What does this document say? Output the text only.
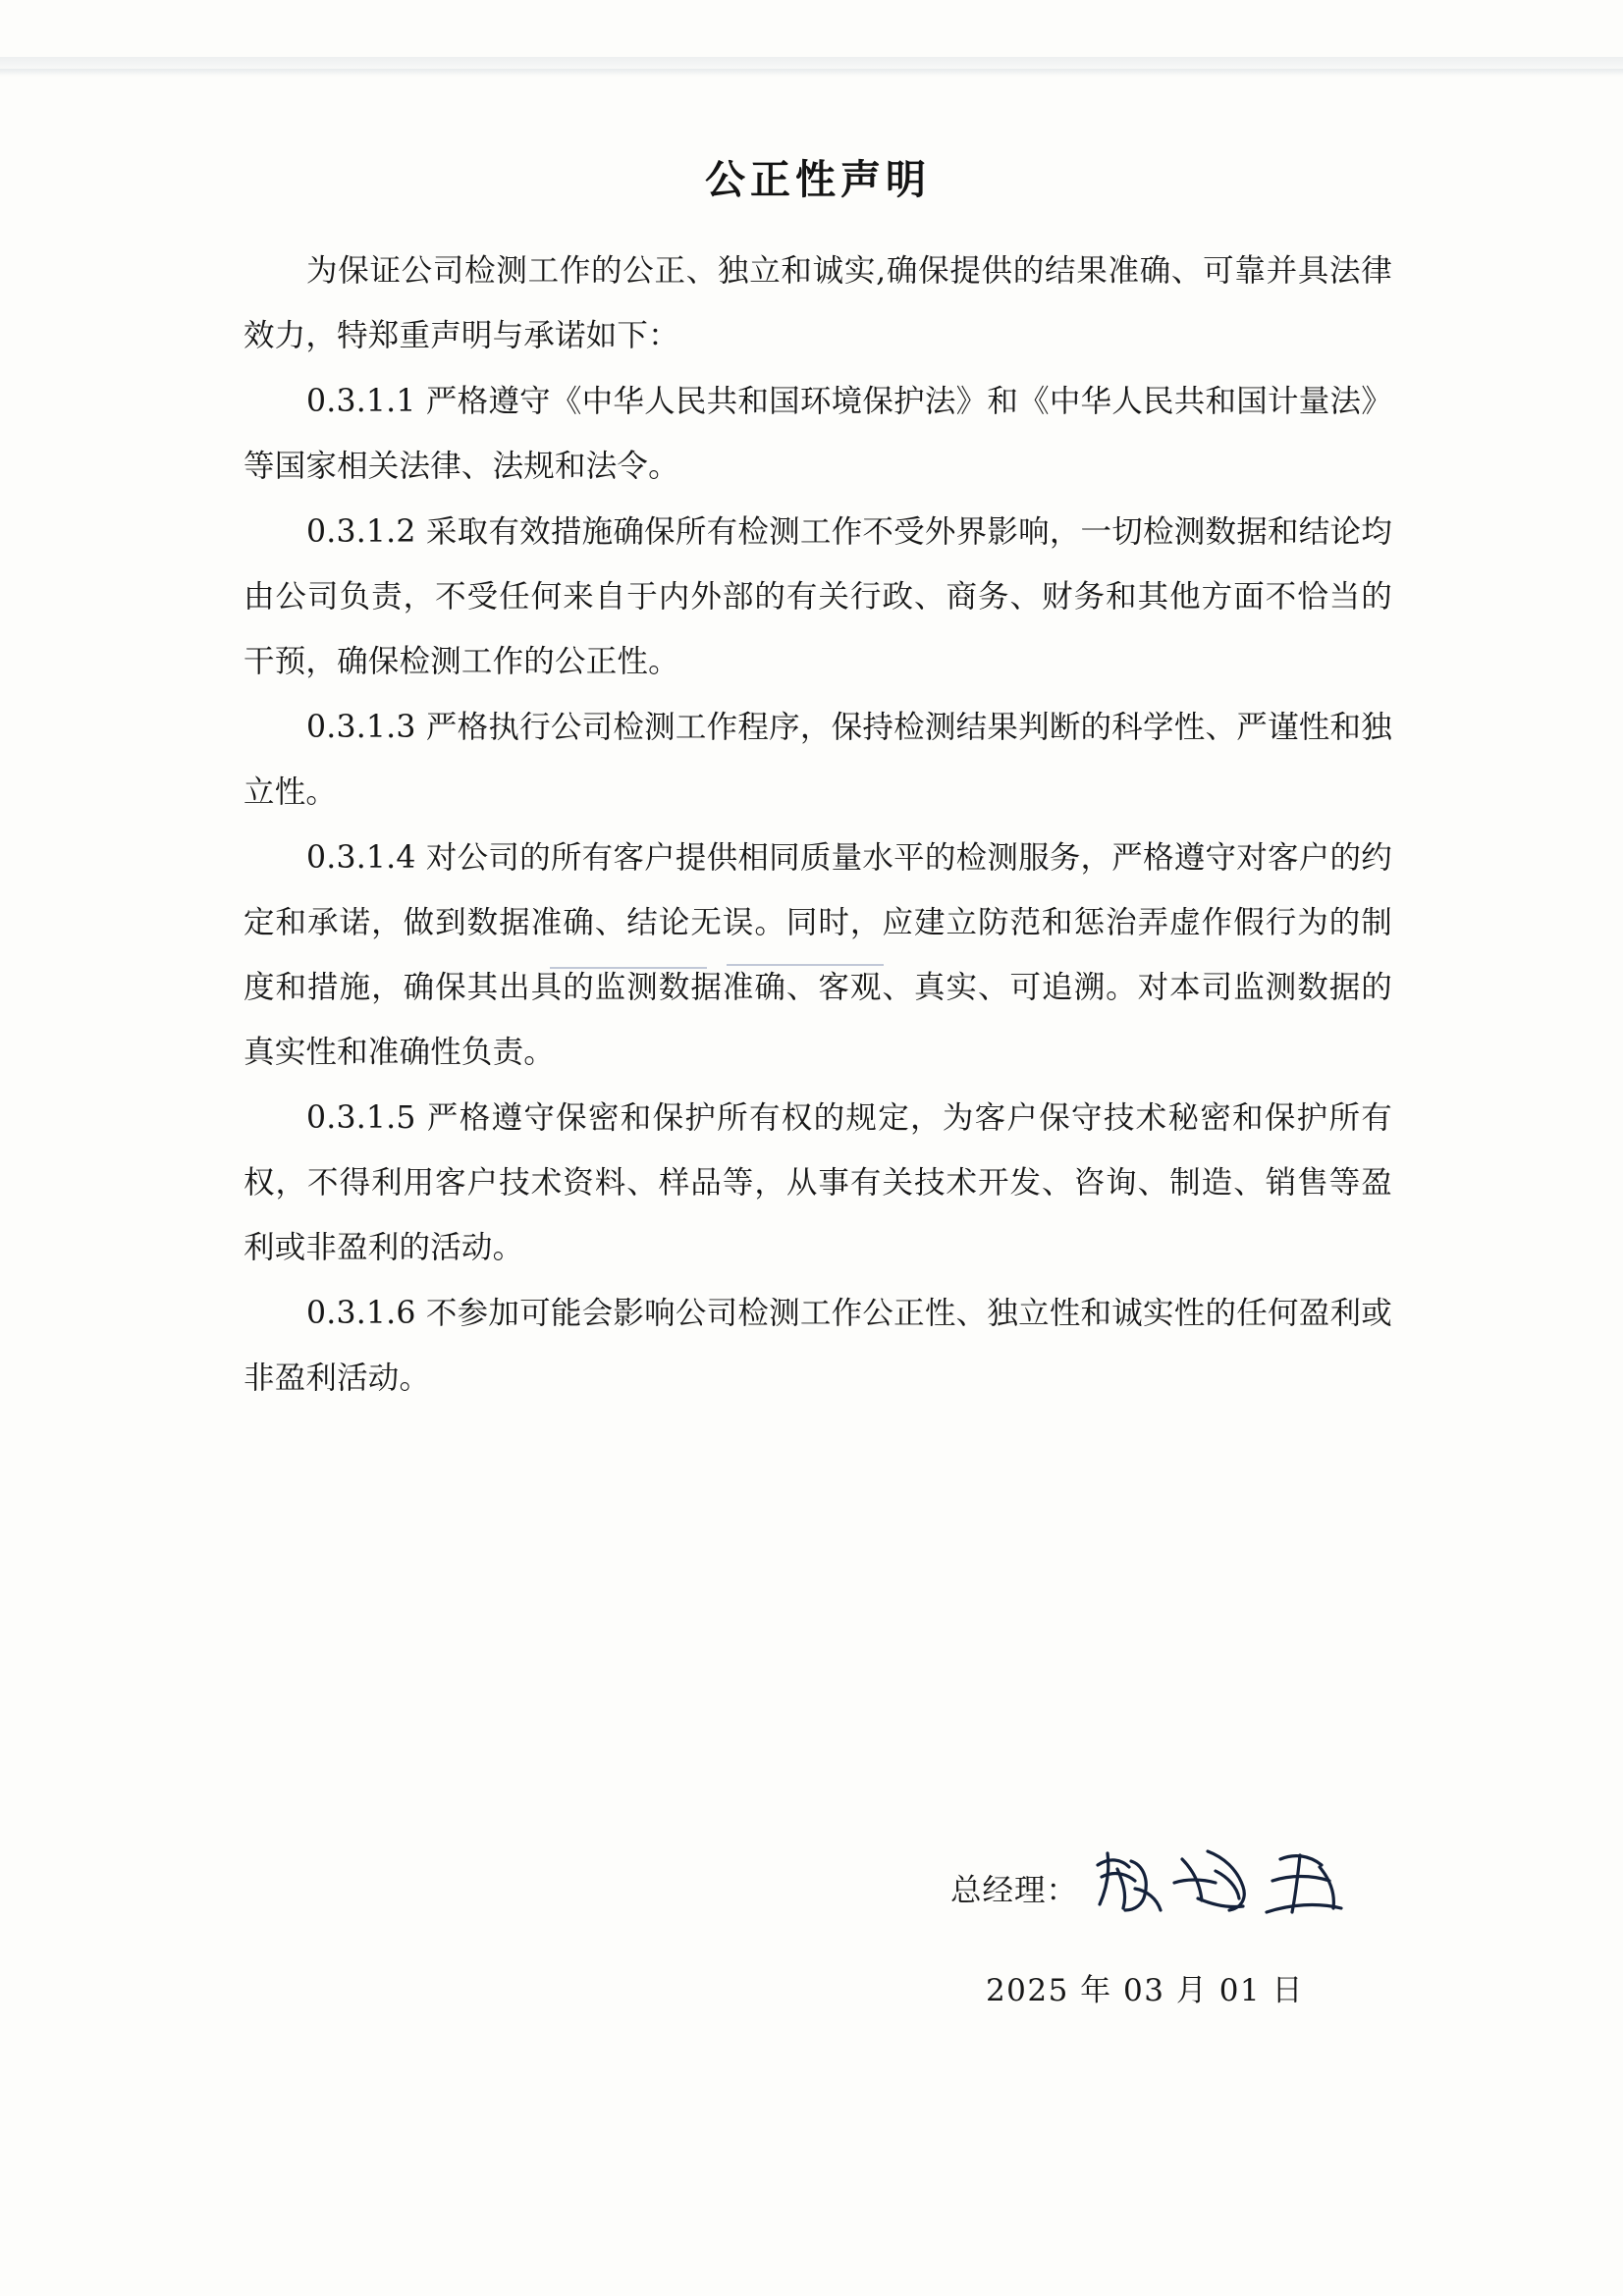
公正性声明

为保证公司检测工作的公正、独立和诚实,确保提供的结果准确、可靠并具法律效力，特郑重声明与承诺如下：

0.3.1.1 严格遵守《中华人民共和国环境保护法》和《中华人民共和国计量法》等国家相关法律、法规和法令。

0.3.1.2 采取有效措施确保所有检测工作不受外界影响，一切检测数据和结论均由公司负责，不受任何来自于内外部的有关行政、商务、财务和其他方面不恰当的干预，确保检测工作的公正性。

0.3.1.3 严格执行公司检测工作程序，保持检测结果判断的科学性、严谨性和独立性。

0.3.1.4 对公司的所有客户提供相同质量水平的检测服务，严格遵守对客户的约定和承诺，做到数据准确、结论无误。同时，应建立防范和惩治弄虚作假行为的制度和措施，确保其出具的监测数据准确、客观、真实、可追溯。对本司监测数据的真实性和准确性负责。

0.3.1.5 严格遵守保密和保护所有权的规定，为客户保守技术秘密和保护所有权，不得利用客户技术资料、样品等，从事有关技术开发、咨询、制造、销售等盈利或非盈利的活动。

0.3.1.6 不参加可能会影响公司检测工作公正性、独立性和诚实性的任何盈利或非盈利活动。

总经理：
2025 年 03 月 01 日
